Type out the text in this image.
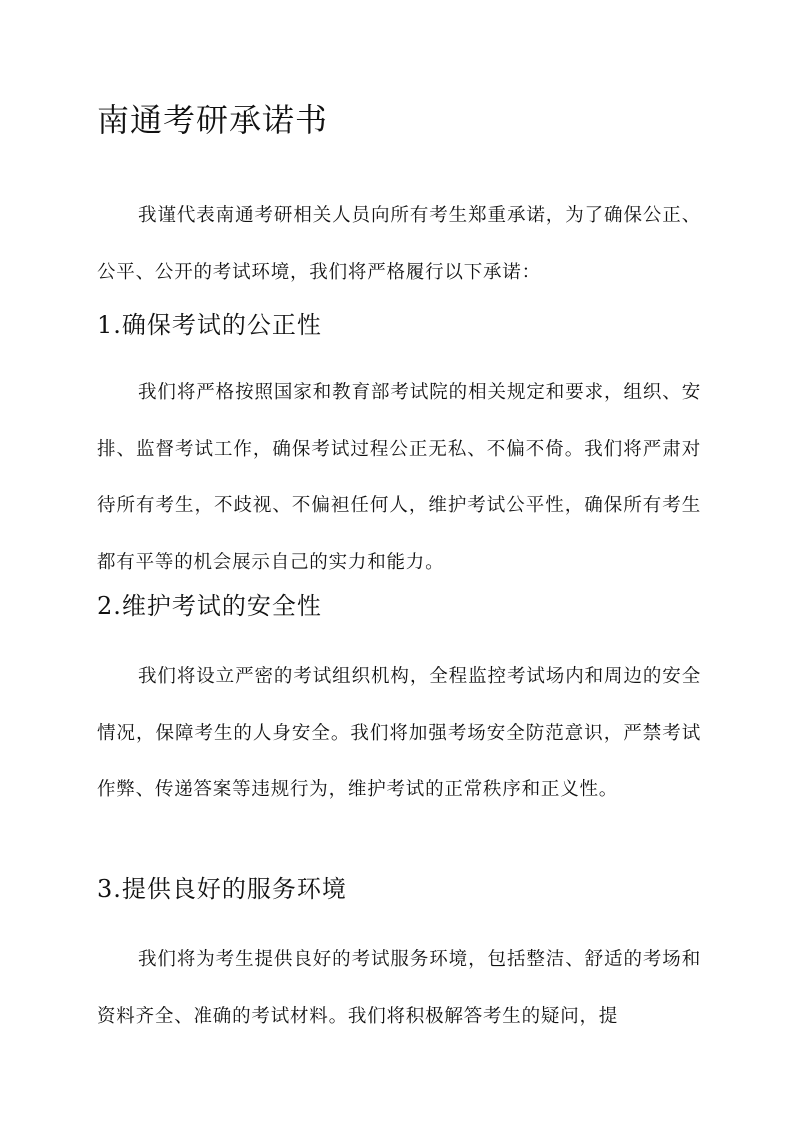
南通考研承诺书

我谨代表南通考研相关人员向所有考生郑重承诺，为了确保公正、公平、公开的考试环境，我们将严格履行以下承诺：

1.确保考试的公正性

我们将严格按照国家和教育部考试院的相关规定和要求，组织、安排、监督考试工作，确保考试过程公正无私、不偏不倚。我们将严肃对待所有考生，不歧视、不偏袒任何人，维护考试公平性，确保所有考生都有平等的机会展示自己的实力和能力。

2.维护考试的安全性

我们将设立严密的考试组织机构，全程监控考试场内和周边的安全情况，保障考生的人身安全。我们将加强考场安全防范意识，严禁考试作弊、传递答案等违规行为，维护考试的正常秩序和正义性。

3.提供良好的服务环境

我们将为考生提供良好的考试服务环境，包括整洁、舒适的考场和资料齐全、准确的考试材料。我们将积极解答考生的疑问，提
